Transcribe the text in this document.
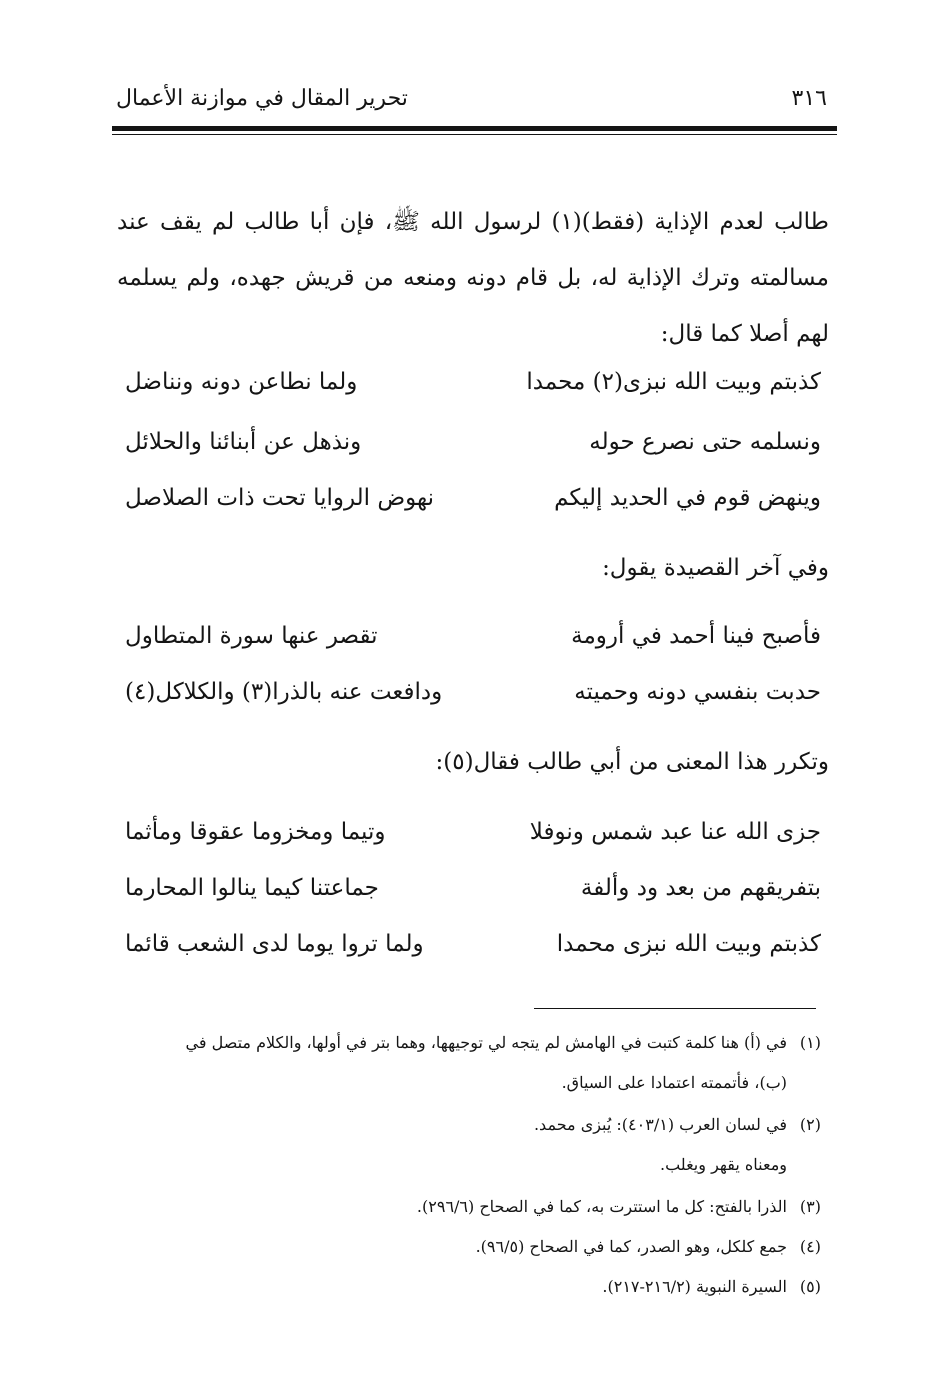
٣١٦
تحرير المقال في موازنة الأعمال
طالب لعدم الإذاية (فقط)(١) لرسول الله ﷺ، فإن أبا طالب لم يقف عند مسالمته وترك الإذاية له، بل قام دونه ومنعه من قريش جهده، ولم يسلمه لهم أصلا كما قال:
كذبتم وبيت الله نبزى(٢) محمدا
ولما نطاعن دونه ونناضل
ونسلمه حتى نصرع حوله
ونذهل عن أبنائنا والحلائل
وينهض قوم في الحديد إليكم
نهوض الروايا تحت ذات الصلاصل
وفي آخر القصيدة يقول:
فأصبح فينا أحمد في أرومة
تقصر عنها سورة المتطاول
حدبت بنفسي دونه وحميته
ودافعت عنه بالذرا(٣) والكلاكل(٤)
وتكرر هذا المعنى من أبي طالب فقال(٥):
جزى الله عنا عبد شمس ونوفلا
وتيما ومخزوما عقوقا ومأثما
بتفريقهم من بعد ود وألفة
جماعتنا كيما ينالوا المحارما
كذبتم وبيت الله نبزى محمدا
ولما تروا يوما لدى الشعب قائما
(١)في (أ) هنا كلمة كتبت في الهامش لم يتجه لي توجيهها، وهما بتر في أولها، والكلام متصل في
(ب)، فأتممته اعتمادا على السياق.
(٢)في لسان العرب (٤٠٣/١): يُبزى محمد.
ومعناه يقهر ويغلب.
(٣)الذرا بالفتح: كل ما استترت به، كما في الصحاح (٢٩٦/٦).
(٤)جمع كلكل، وهو الصدر، كما في الصحاح (٩٦/٥).
(٥)السيرة النبوية (٢١٦/٢-٢١٧).
